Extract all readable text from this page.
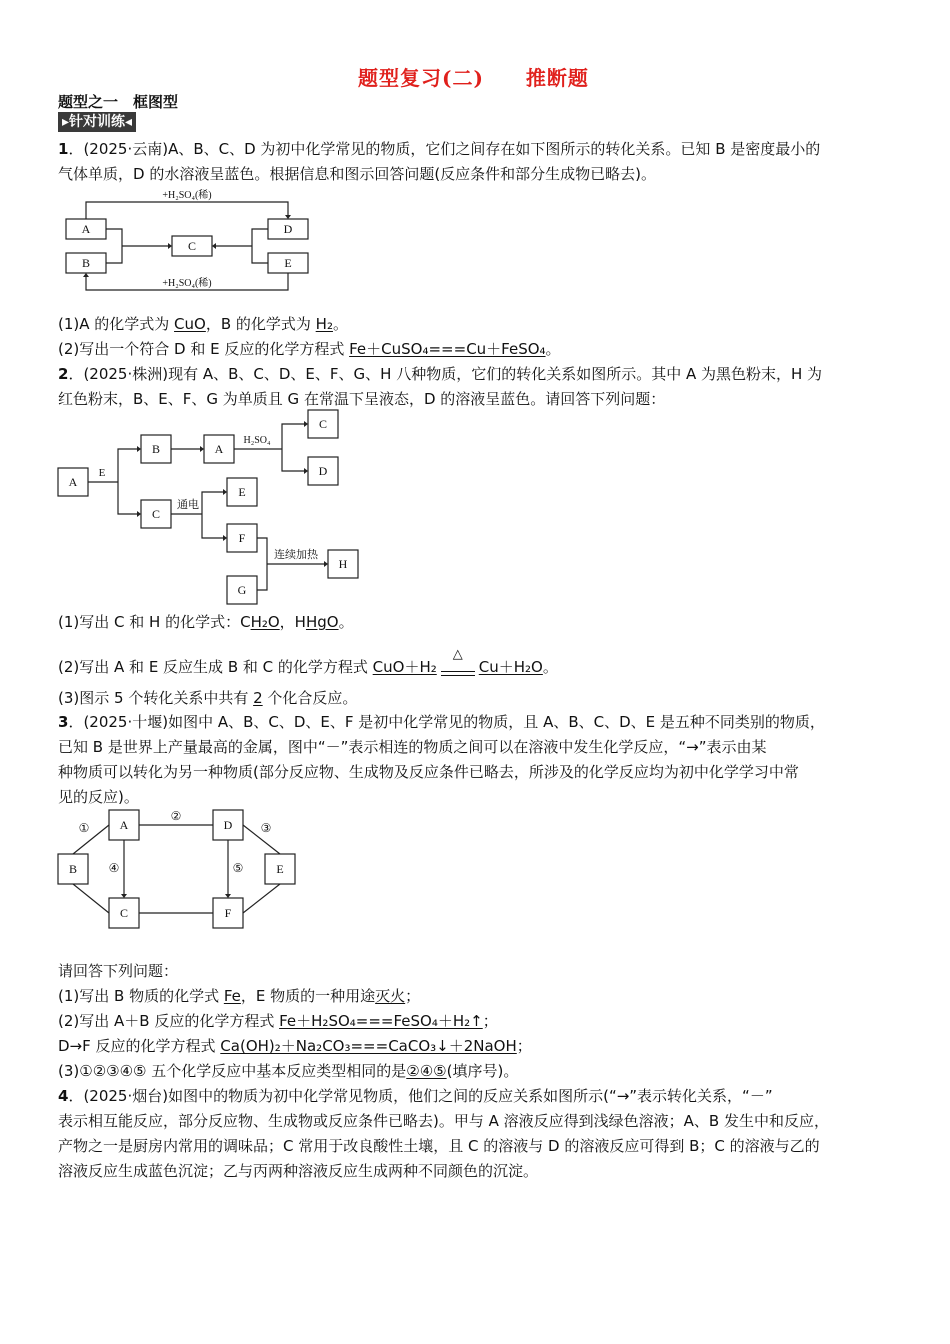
题型复习(二)　　推断题
题型之一　框图型
▸针对训练◂
1．(2025·云南)A、B、C、D 为初中化学常见的物质，它们之间存在如下图所示的转化关系。已知 B 是密度最小的
气体单质，D 的水溶液呈蓝色。根据信息和图示回答问题(反应条件和部分生成物已略去)。
A
B
C
D
E
+H₂SO₄(稀)
+H₂SO₄(稀)
(1)A 的化学式为 CuO，B 的化学式为 H₂。
(2)写出一个符合 D 和 E 反应的化学方程式 Fe＋CuSO₄===Cu＋FeSO₄。
2．(2025·株洲)现有 A、B、C、D、E、F、G、H 八种物质，它们的转化关系如图所示。其中 A 为黑色粉末，H 为
红色粉末，B、E、F、G 为单质且 G 在常温下呈液态，D 的溶液呈蓝色。请回答下列问题：
A
B
C
A
C
D
E
F
G
H
E
H₂SO₄
通电
连续加热
(1)写出 C 和 H 的化学式：CH₂O，HHgO。
(2)写出 A 和 E 反应生成 B 和 C 的化学方程式 CuO＋H₂
△
Cu＋H₂O。
(3)图示 5 个转化关系中共有 2 个化合反应。
3．(2025·十堰)如图中 A、B、C、D、E、F 是初中化学常见的物质，且 A、B、C、D、E 是五种不同类别的物质，
已知 B 是世界上产量最高的金属，图中“－”表示相连的物质之间可以在溶液中发生化学反应，“→”表示由某
种物质可以转化为另一种物质(部分反应物、生成物及反应条件已略去，所涉及的化学反应均为初中化学学习中常
见的反应)。
A
B
C
D
E
F
①
②
③
④	⑤
请回答下列问题：
(1)写出 B 物质的化学式 Fe，E 物质的一种用途灭火；
(2)写出 A＋B 反应的化学方程式 Fe＋H₂SO₄===FeSO₄＋H₂↑；
D→F 反应的化学方程式 Ca(OH)₂＋Na₂CO₃===CaCO₃↓＋2NaOH；
(3)①②③④⑤ 五个化学反应中基本反应类型相同的是②④⑤(填序号)。
4．(2025·烟台)如图中的物质为初中化学常见物质，他们之间的反应关系如图所示(“→”表示转化关系，“－”
表示相互能反应，部分反应物、生成物或反应条件已略去)。甲与 A 溶液反应得到浅绿色溶液；A、B 发生中和反应，
产物之一是厨房内常用的调味品；C 常用于改良酸性土壤，且 C 的溶液与 D 的溶液反应可得到 B；C 的溶液与乙的
溶液反应生成蓝色沉淀；乙与丙两种溶液反应生成两种不同颜色的沉淀。
